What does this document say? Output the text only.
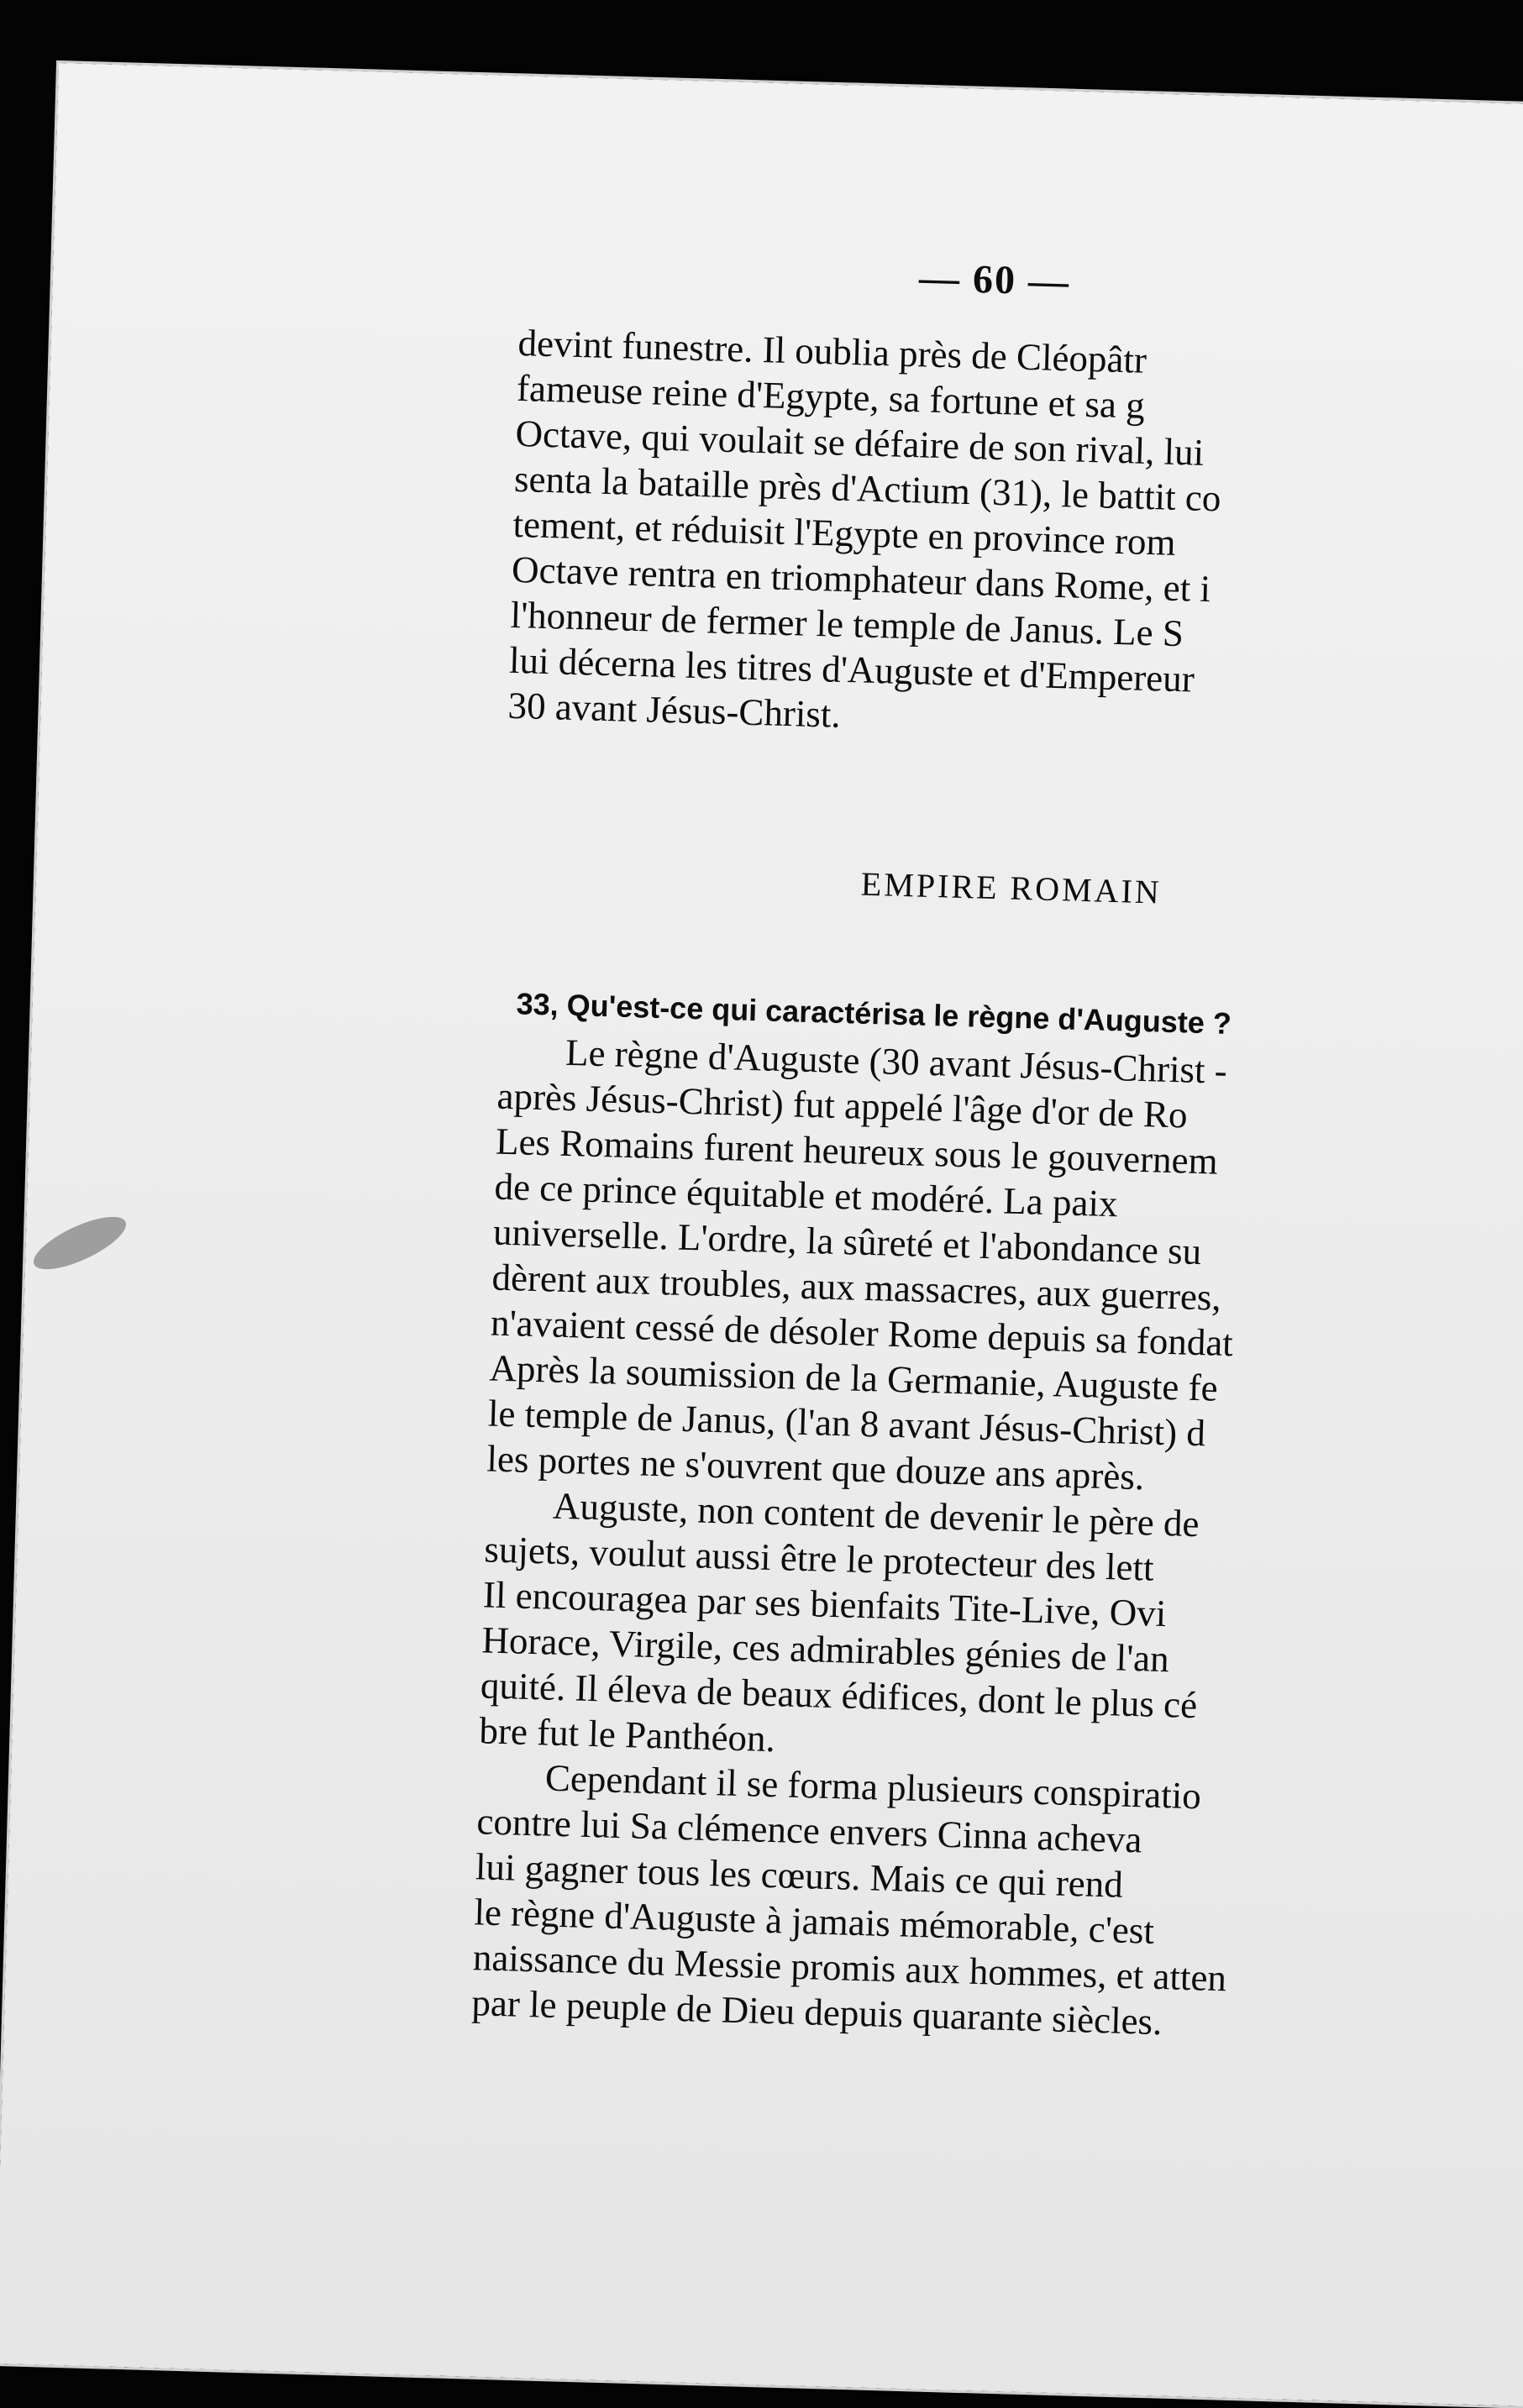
— 60 —

devint funestre. Il oublia près de Cléopâtr
fameuse reine d'Egypte, sa fortune et sa g
Octave, qui voulait se défaire de son rival, lui
senta la bataille près d'Actium (31), le battit co
tement, et réduisit l'Egypte en province rom
Octave rentra en triomphateur dans Rome, et i
l'honneur de fermer le temple de Janus. Le S
lui décerna les titres d'Auguste et d'Empereur
30 avant Jésus-Christ.

EMPIRE ROMAIN
33, Qu'est-ce qui caractérisa le règne d'Auguste ?

Le règne d'Auguste (30 avant Jésus-Christ -
après Jésus-Christ) fut appelé l'âge d'or de Ro
Les Romains furent heureux sous le gouvernem
de ce prince équitable et modéré. La paix
universelle. L'ordre, la sûreté et l'abondance su
dèrent aux troubles, aux massacres, aux guerres,
n'avaient cessé de désoler Rome depuis sa fondat
Après la soumission de la Germanie, Auguste fe
le temple de Janus, (l'an 8 avant Jésus-Christ) d
les portes ne s'ouvrent que douze ans après.

Auguste, non content de devenir le père de
sujets, voulut aussi être le protecteur des lett
Il encouragea par ses bienfaits Tite-Live, Ovi
Horace, Virgile, ces admirables génies de l'an
quité. Il éleva de beaux édifices, dont le plus cé
bre fut le Panthéon.

Cependant il se forma plusieurs conspiratio
contre lui Sa clémence envers Cinna acheva
lui gagner tous les cœurs. Mais ce qui rend
le règne d'Auguste à jamais mémorable, c'est
naissance du Messie promis aux hommes, et atten
par le peuple de Dieu depuis quarante siècles.
